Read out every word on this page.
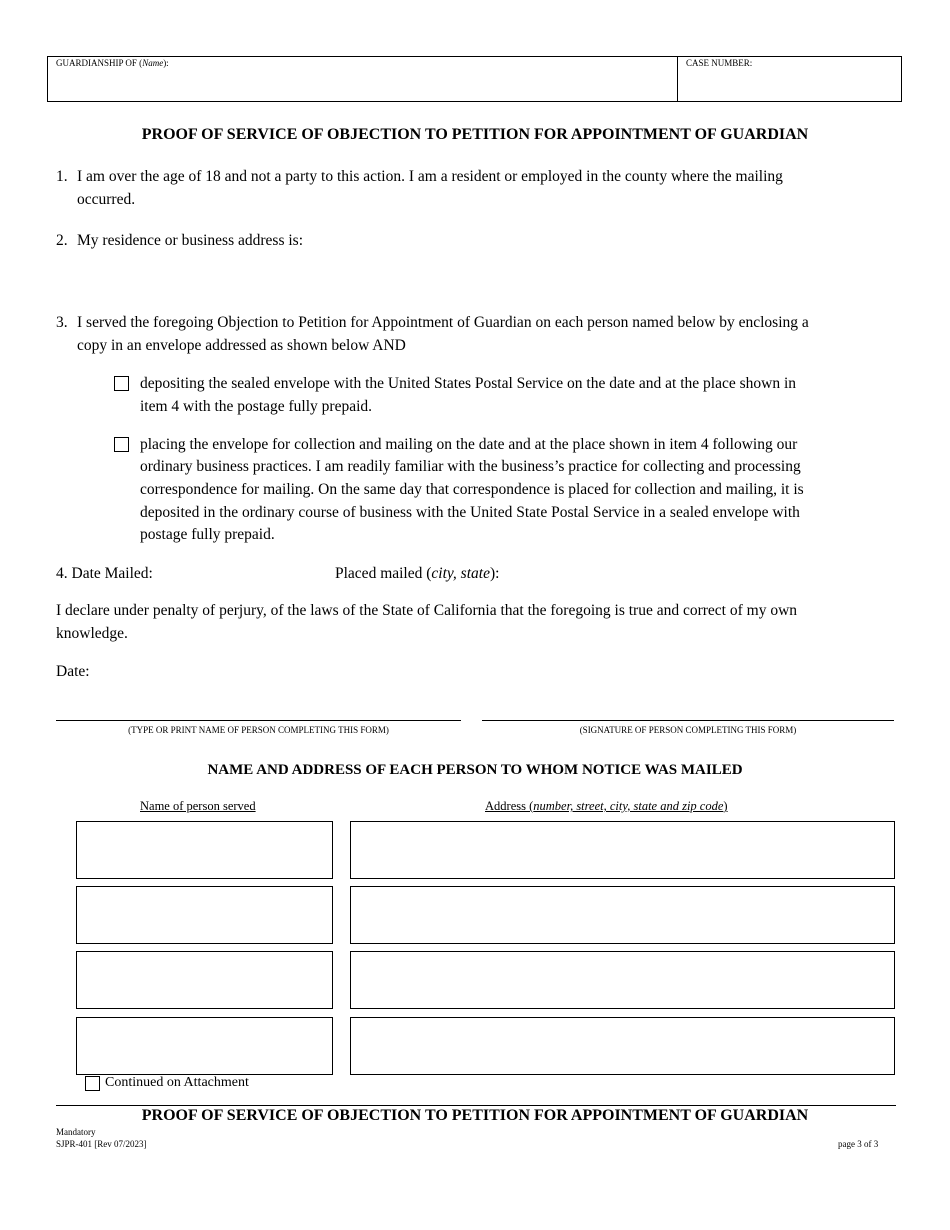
GUARDIANSHIP OF (Name):	CASE NUMBER:
PROOF OF SERVICE OF OBJECTION TO PETITION FOR APPOINTMENT OF GUARDIAN
1. I am over the age of 18 and not a party to this action. I am a resident or employed in the county where the mailing
occurred.
2. My residence or business address is:
3. I served the foregoing Objection to Petition for Appointment of Guardian on each person named below by enclosing a
copy in an envelope addressed as shown below AND
depositing the sealed envelope with the United States Postal Service on the date and at the place shown in
item 4 with the postage fully prepaid.
placing the envelope for collection and mailing on the date and at the place shown in item 4 following our
ordinary business practices. I am readily familiar with the business’s practice for collecting and processing
correspondence for mailing. On the same day that correspondence is placed for collection and mailing, it is
deposited in the ordinary course of business with the United State Postal Service in a sealed envelope with
postage fully prepaid.
4. Date Mailed:	Placed mailed (city, state):
I declare under penalty of perjury, of the laws of the State of California that the foregoing is true and correct of my own
knowledge.
Date:
(TYPE OR PRINT NAME OF PERSON COMPLETING THIS FORM)	(SIGNATURE OF PERSON COMPLETING THIS FORM)
NAME AND ADDRESS OF EACH PERSON TO WHOM NOTICE WAS MAILED
Name of person served	Address (number, street, city, state and zip code)
Continued on Attachment
PROOF OF SERVICE OF OBJECTION TO PETITION FOR APPOINTMENT OF GUARDIAN
Mandatory
SJPR-401 [Rev 07/2023]	page 3 of 3
